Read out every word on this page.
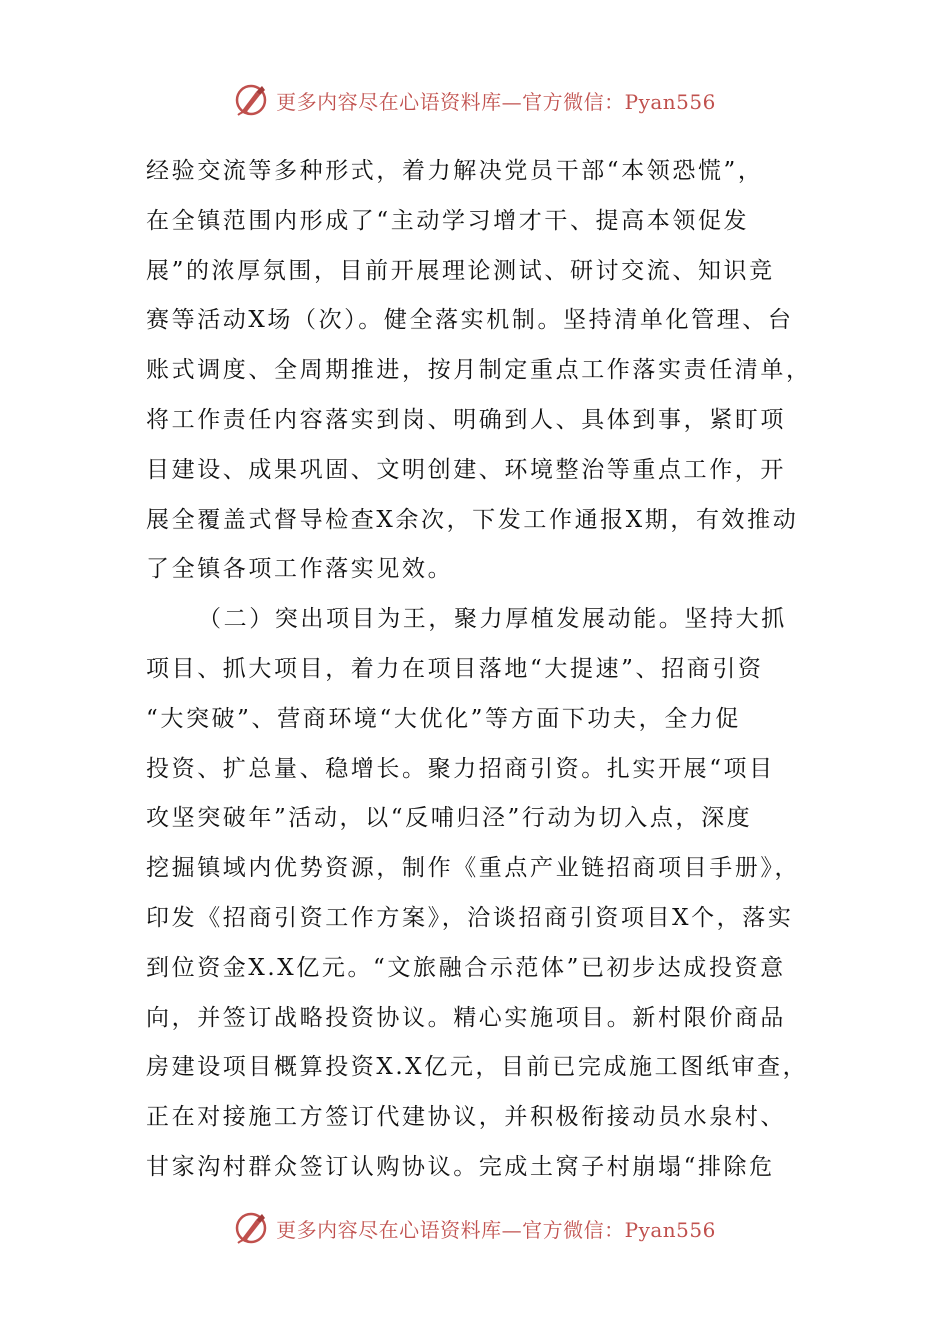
更多内容尽在心语资料库—官方微信：Pyan556
经验交流等多种形式，着力解决党员干部“本领恐慌”，
在全镇范围内形成了“主动学习增才干、提高本领促发
展”的浓厚氛围，目前开展理论测试、研讨交流、知识竞
赛等活动X场（次）。健全落实机制。坚持清单化管理、台
账式调度、全周期推进，按月制定重点工作落实责任清单，
将工作责任内容落实到岗、明确到人、具体到事，紧盯项
目建设、成果巩固、文明创建、环境整治等重点工作，开
展全覆盖式督导检查X余次，下发工作通报X期，有效推动
了全镇各项工作落实见效。
（二）突出项目为王，聚力厚植发展动能。坚持大抓
项目、抓大项目，着力在项目落地“大提速”、招商引资
“大突破”、营商环境“大优化”等方面下功夫，全力促
投资、扩总量、稳增长。聚力招商引资。扎实开展“项目
攻坚突破年”活动，以“反哺归泾”行动为切入点，深度
挖掘镇域内优势资源，制作《重点产业链招商项目手册》，
印发《招商引资工作方案》，洽谈招商引资项目X个，落实
到位资金X.X亿元。“文旅融合示范体”已初步达成投资意
向，并签订战略投资协议。精心实施项目。新村限价商品
房建设项目概算投资X.X亿元，目前已完成施工图纸审查，
正在对接施工方签订代建协议，并积极衔接动员水泉村、
甘家沟村群众签订认购协议。完成土窝子村崩塌“排除危
更多内容尽在心语资料库—官方微信：Pyan556
